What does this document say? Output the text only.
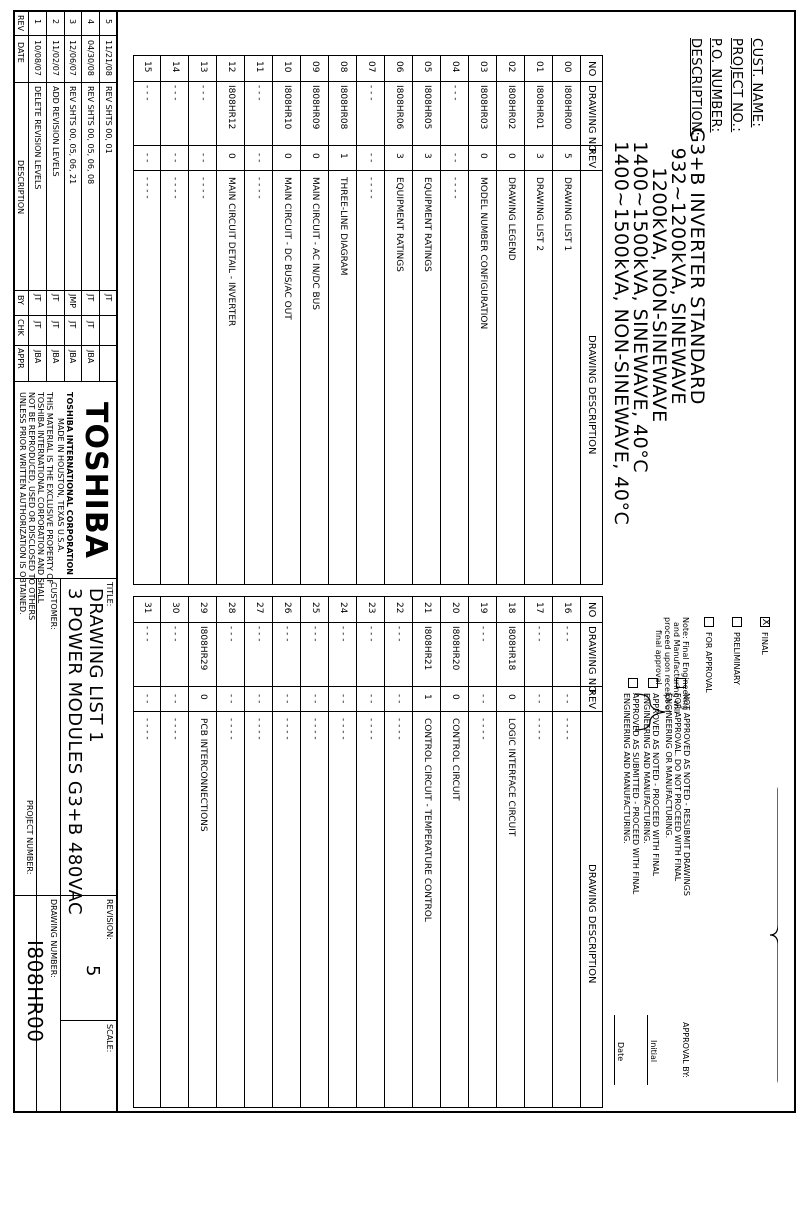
CUST. NAME:
PROJECT NO.:
P.O. NUMBER:
DESCRIPTION:
G3+B INVERTER STANDARD
932~1200kVA, SINEWAVE
1200kVA, NON-SINEWAVE
1400~1500kVA, SINEWAVE, 40°C
1400~1500kVA, NON-SINEWAVE, 40°C
X
FINAL
PRELIMINARY
FOR APPROVAL
Note: Final Engineering
and Manufacturing will
proceed upon receipt of
final approval
NOT APPROVED AS NOTED - RESUBMIT DRAWINGS
FOR APPROVAL. DO NOT PROCEED WITH FINAL
ENGINEERING OR MANUFACTURING.
APPROVED AS NOTED - PROCEED WITH FINAL
ENGINEERING AND MANUFACTURING.
APPROVED AS SUBMITTED - PROCEED WITH FINAL
ENGINEERING AND MANUFACTURING.
APPROVAL BY:
Initial
Date
NO
DRAWING NO
REV
DRAWING DESCRIPTION
00
I808HR00
5
DRAWING LIST 1
01
I808HR01
3
DRAWING LIST 2
02
I808HR02
0
DRAWING LEGEND
03
I808HR03
0
MODEL NUMBER CONFIGURATION
04
- - -
- -
- - - -
05
I808HR05
3
EQUIPMENT RATINGS
06
I808HR06
3
EQUIPMENT RATINGS
07
- - -
- -
- - - -
08
I808HR08
1
THREE-LINE DIAGRAM
09
I808HR09
0
MAIN CIRCUIT - AC IN/DC BUS
10
I808HR10
0
MAIN CIRCUIT - DC BUS/AC OUT
11
- - -
- -
- - - -
12
I808HR12
0
MAIN CIRCUIT DETAIL - INVERTER
13
- - -
- -
- - - -
14
- - -
- -
- - - -
15
- - -
- -
- - - -
NO
DRAWING NO
REV
DRAWING DESCRIPTION
16
- - -
- -
- - - -
17
- - -
- -
- - - -
18
I808HR18
0
LOGIC INTERFACE CIRCUIT
19
- - -
- -
- - - -
20
I808HR20
0
CONTROL CIRCUIT
21
I808HR21
1
CONTROL CIRCUIT - TEMPERATURE CONTROL
22
- - -
- -
- - - -
23
- - -
- -
- - - -
24
- - -
- -
- - - -
25
- - -
- -
- - - -
26
- - -
- -
- - - -
27
- - -
- -
- - - -
28
- - -
- -
- - - -
29
I808HR29
0
PCB INTERCONNECTIONS
30
- - -
- -
- - - -
31
- - -
- -
- - - -
5
11/21/08
REV SHTS 00, 01
JT
4
04/30/08
REV SHTS 00, 05, 06, 08
JT
JT
JBA
3
12/06/07
REV SHTS 00, 05, 06, 21
JMP
JT
JBA
2
11/02/07
ADD REVISION LEVELS
JT
JT
JBA
1
10/08/07
DELETE REVISION LEVELS
JT
JT
JBA
REV
DATE
DESCRIPTION
BY
CHK
APPR
TOSHIBA
TOSHIBA INTERNATIONAL CORPORATION
MADE IN HOUSTON, TEXAS U.S.A.
THIS MATERIAL IS THE EXCLUSIVE PROPERTY OF
TOSHIBA INTERNATIONAL CORPORATION AND SHALL
NOT BE REPRODUCED, USED OR DISCLOSED TO OTHERS
UNLESS PRIOR WRITTEN AUTHORIZATION IS OBTAINED.	TITLE:
DRAWING LIST 1
3 POWER MODULES G3+B 480VAC
CUSTOMER:
PROJECT NUMBER:
REVISION:
5
SCALE:
DRAWING NUMBER:
I808HR00
